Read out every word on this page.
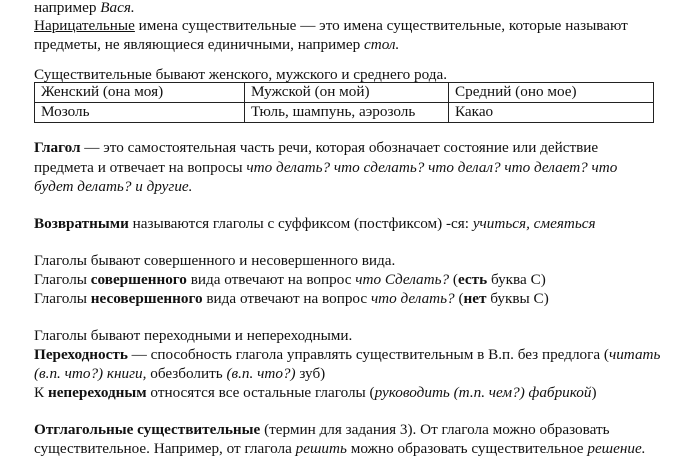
например Вася.
Нарицательные имена существительные — это имена существительные, которые называют
предметы, не являющиеся единичными, например стол.
Существительные бывают женского, мужского и среднего рода.
Женский (она моя)	Мужской (он мой)	Средний (оно мое)
Мозоль	Тюль, шампунь, аэрозоль	Какао
Глагол — это самостоятельная часть речи, которая обозначает состояние или действие
предмета и отвечает на вопросы что делать? что сделать? что делал? что делает? что
будет делать? и другие.
Возвратными называются глаголы с суффиксом (постфиксом) -ся: учиться, смеяться
Глаголы бывают совершенного и несовершенного вида.
Глаголы совершенного вида отвечают на вопрос что Сделать? (есть буква С)
Глаголы несовершенного вида отвечают на вопрос что делать? (нет буквы С)
Глаголы бывают переходными и непереходными.
Переходность — способность глагола управлять существительным в В.п. без предлога (читать
(в.п. что?) книги, обезболить (в.п. что?) зуб)
К непереходным относятся все остальные глаголы (руководить (т.п. чем?) фабрикой)
Отглагольные существительные (термин для задания 3). От глагола можно образовать
существительное. Например, от глагола решить можно образовать существительное решение.
